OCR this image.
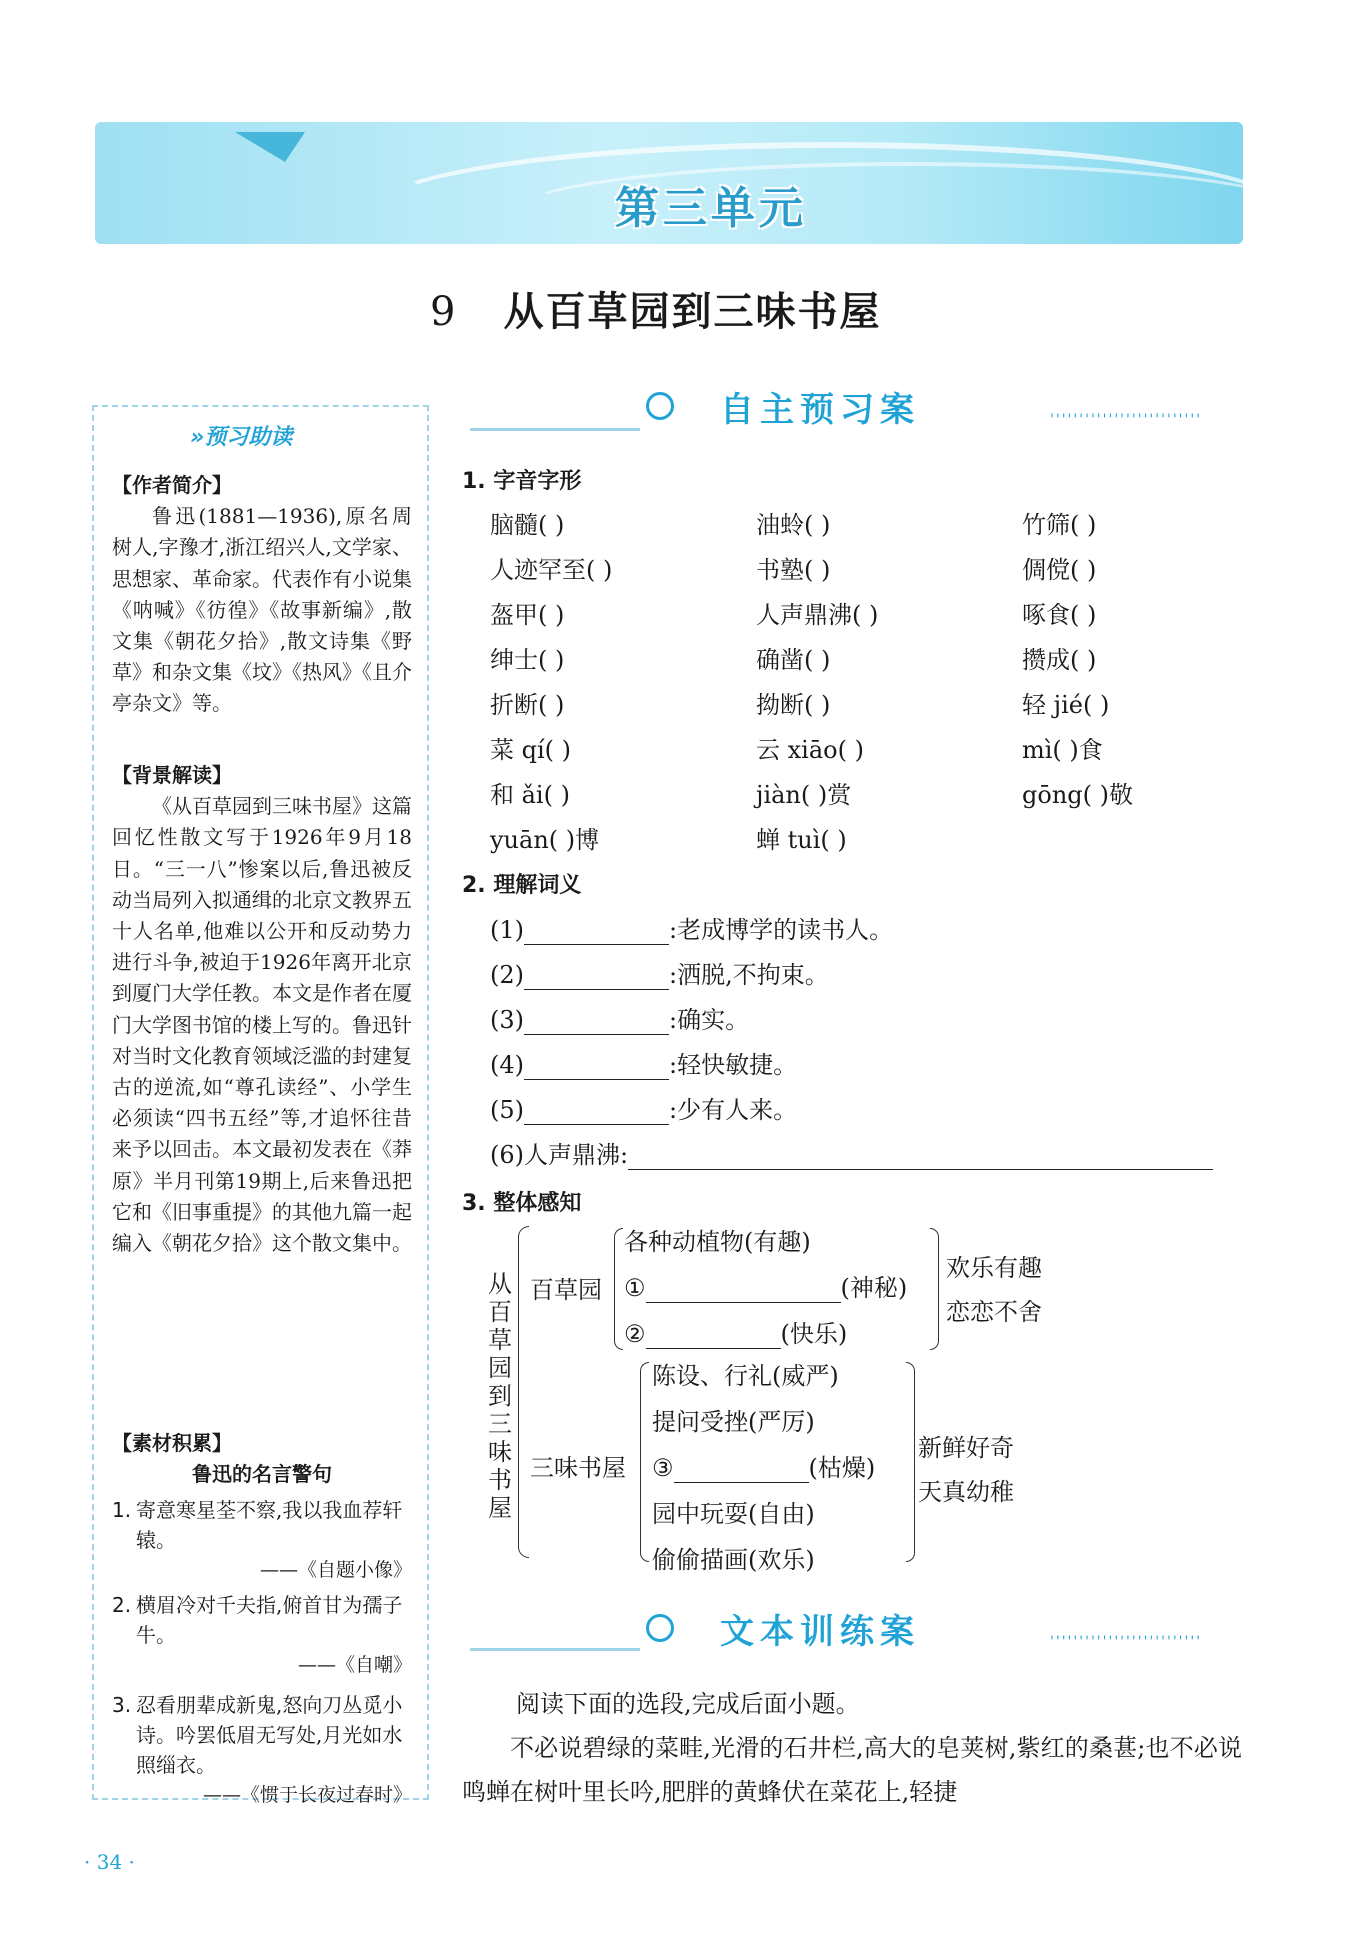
第三单元
9 从百草园到三味书屋
»预习助读
【作者简介】
鲁迅(1881—1936),原名周树人,字豫才,浙江绍兴人,文学家、思想家、革命家。代表作有小说集《呐喊》《彷徨》《故事新编》,散文集《朝花夕拾》,散文诗集《野草》和杂文集《坟》《热风》《且介亭杂文》等。
【背景解读】
《从百草园到三味书屋》这篇回忆性散文写于1926年9月18日。“三一八”惨案以后,鲁迅被反动当局列入拟通缉的北京文教界五十人名单,他难以公开和反动势力进行斗争,被迫于1926年离开北京到厦门大学任教。本文是作者在厦门大学图书馆的楼上写的。鲁迅针对当时文化教育领域泛滥的封建复古的逆流,如“尊孔读经”、小学生必须读“四书五经”等,才追怀往昔来予以回击。本文最初发表在《莽原》半月刊第19期上,后来鲁迅把它和《旧事重提》的其他九篇一起编入《朝花夕拾》这个散文集中。
【素材积累】
鲁迅的名言警句
1. 寄意寒星荃不察,我以我血荐轩辕。
——《自题小像》
2. 横眉冷对千夫指,俯首甘为孺子牛。
——《自嘲》
3. 忍看朋辈成新鬼,怒向刀丛觅小诗。吟罢低眉无写处,月光如水照缁衣。
——《惯于长夜过春时》
自主预习案	''''''''''''''''''''''''''
1. 字音字形
脑髓( )	油蛉( )	竹筛( )
人迹罕至( )	书塾( )	倜傥( )
盔甲( )	人声鼎沸( )	啄食( )
绅士( )	确凿( )	攒成( )
折断( )	拗断( )	轻 jié( )
菜 qí( )	云 xiāo( )	mì( )食
和 ǎi( )	jiàn( )赏	gōng( )敬
yuān( )博	蝉 tuì( )
2. 理解词义
(1)	:老成博学的读书人。
(2)	:洒脱,不拘束。
(3)	:确实。
(4)	:轻快敏捷。
(5)	:少有人来。
(6)人声鼎沸:
3. 整体感知
从百草园到三味书屋
百草园
各种动植物(有趣)
①	(神秘)
②	(快乐)
欢乐有趣
恋恋不舍
三味书屋
陈设、行礼(威严)
提问受挫(严厉)
③	(枯燥)
园中玩耍(自由)
偷偷描画(欢乐)
新鲜好奇
天真幼稚
文本训练案	''''''''''''''''''''''''''
阅读下面的选段,完成后面小题。
不必说碧绿的菜畦,光滑的石井栏,高大的皂荚树,紫红的桑葚;也不必说鸣蝉在树叶里长吟,肥胖的黄蜂伏在菜花上,轻捷
· 34 ·
